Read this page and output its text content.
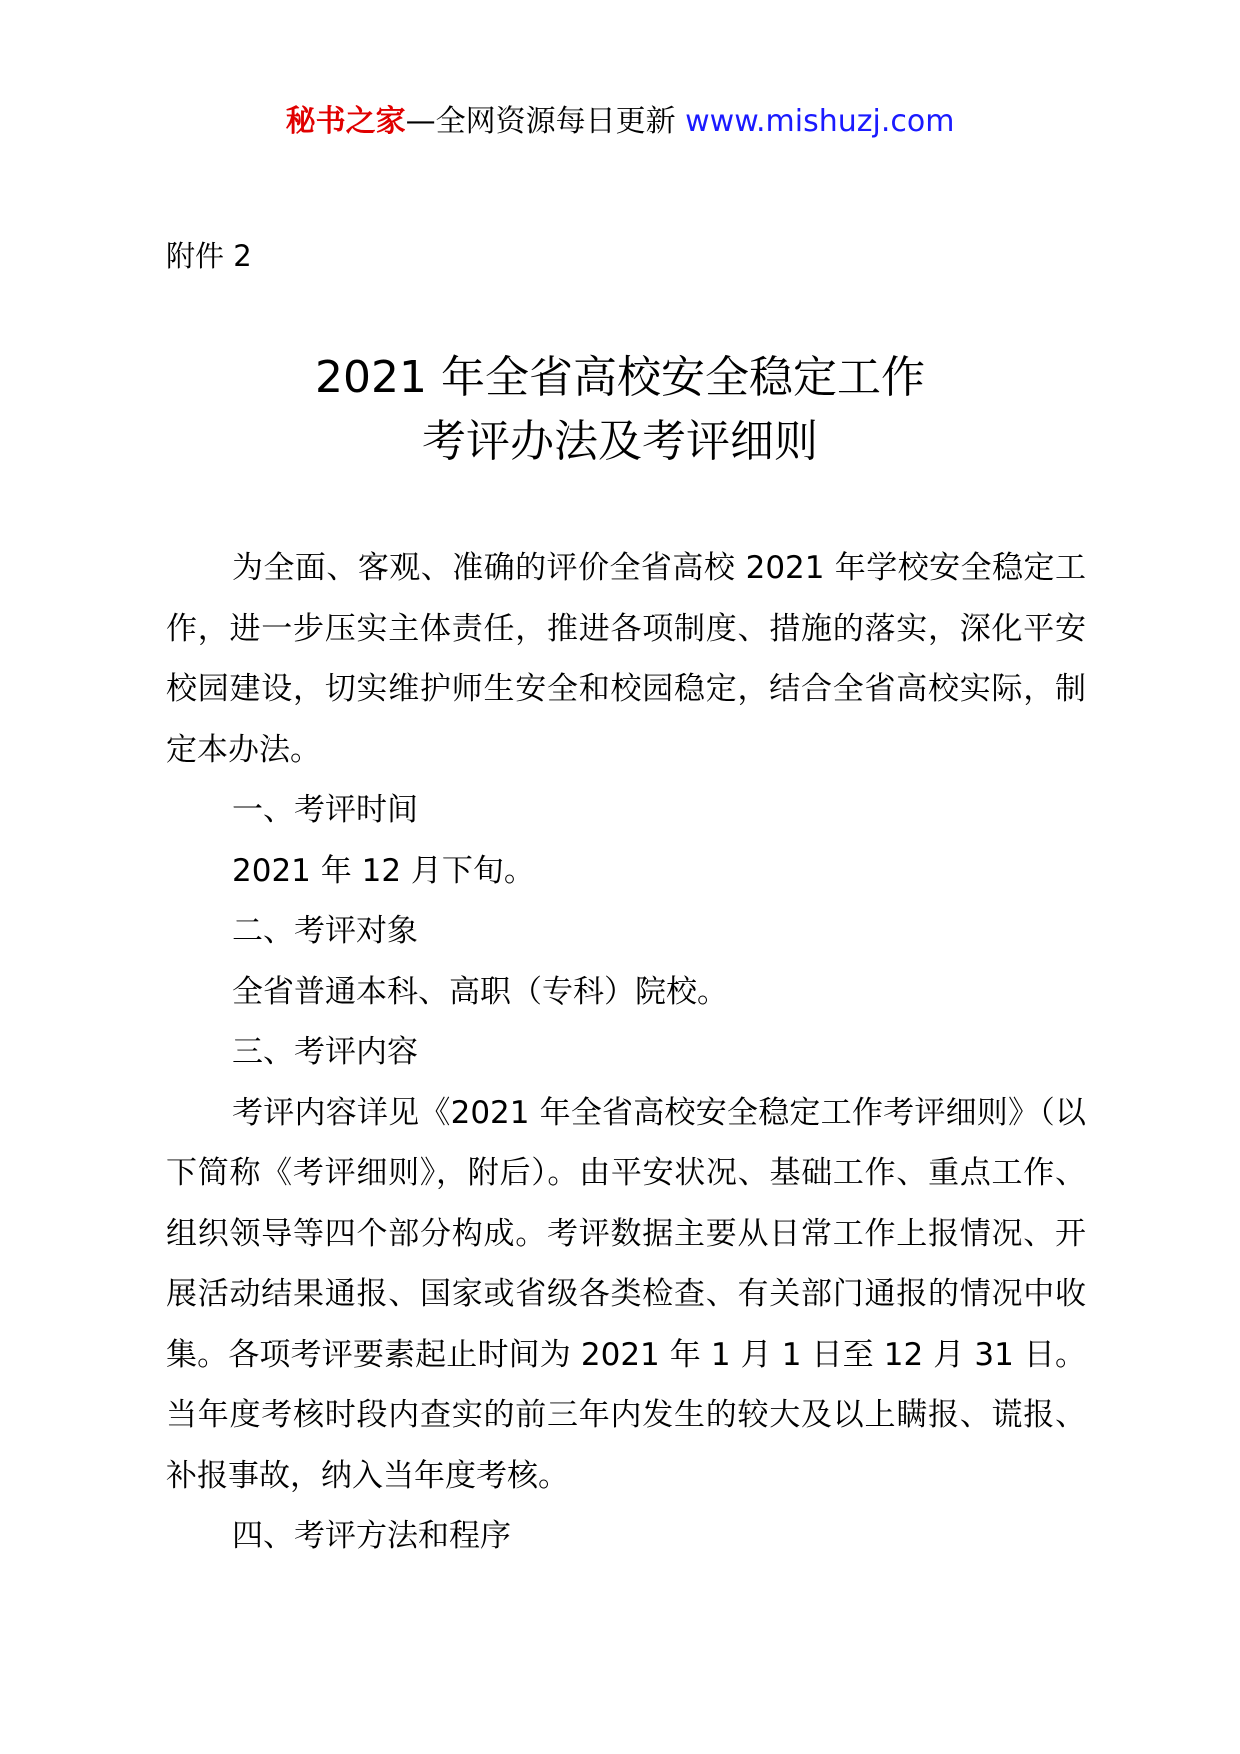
秘书之家—全网资源每日更新 www.mishuzj.com
附件 2
2021 年全省高校安全稳定工作
考评办法及考评细则

为全面、客观、准确的评价全省高校 2021 年学校安全稳定工作，进一步压实主体责任，推进各项制度、措施的落实，深化平安校园建设，切实维护师生安全和校园稳定，结合全省高校实际，制定本办法。

一、考评时间

2021 年 12 月下旬。

二、考评对象

全省普通本科、高职（专科）院校。

三、考评内容

考评内容详见《2021 年全省高校安全稳定工作考评细则》（以下简称《考评细则》，附后）。由平安状况、基础工作、重点工作、组织领导等四个部分构成。考评数据主要从日常工作上报情况、开展活动结果通报、国家或省级各类检查、有关部门通报的情况中收集。各项考评要素起止时间为 2021 年 1 月 1 日至 12 月 31 日。当年度考核时段内查实的前三年内发生的较大及以上瞒报、谎报、补报事故，纳入当年度考核。

四、考评方法和程序
